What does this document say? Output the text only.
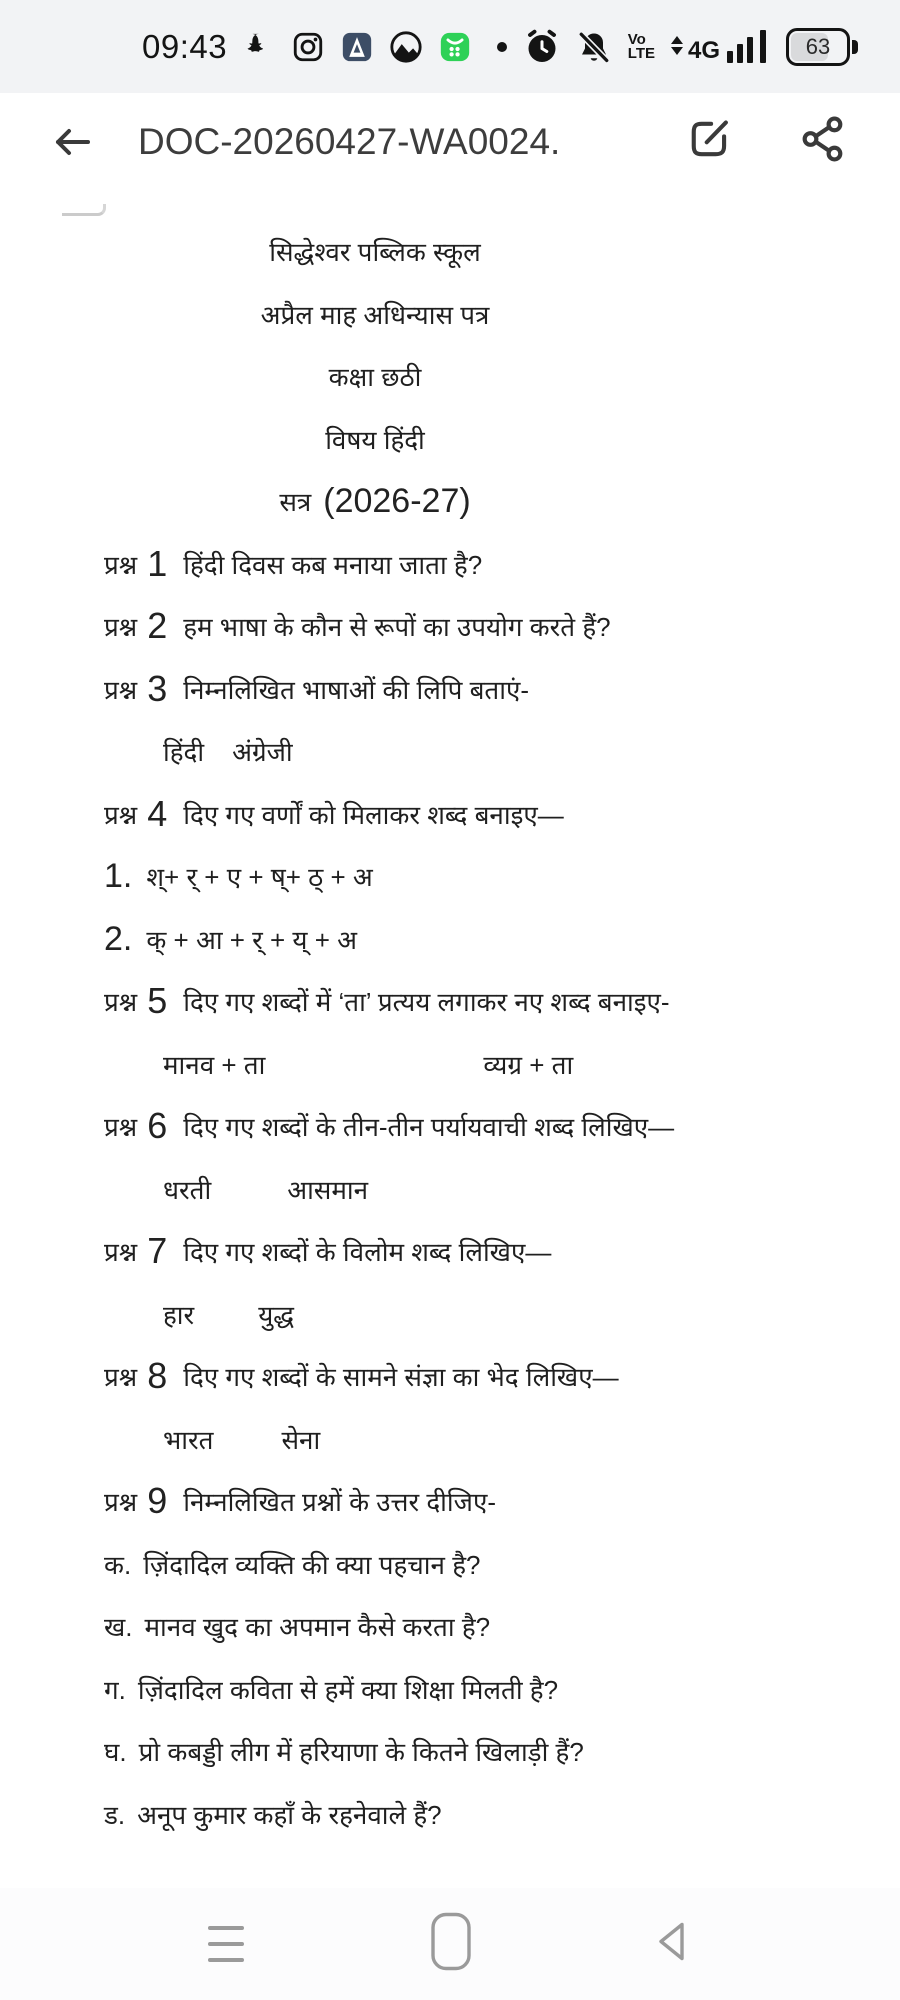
09:43	Vo
LTE 4G	63
DOC-20260427-WA0024.
सिद्धेश्वर पब्लिक स्कूल
अप्रैल माह अधिन्यास पत्र
कक्षा छठी
विषय हिंदी
सत्र (2026-27)
प्रश्न 1 हिंदी दिवस कब मनाया जाता है?
प्रश्न 2 हम भाषा के कौन से रूपों का उपयोग करते हैं?
प्रश्न 3 निम्नलिखित भाषाओं की लिपि बताएं-
हिंदी अंग्रेजी
प्रश्न 4 दिए गए वर्णों को मिलाकर शब्द बनाइए—
1. श्+ र् + ए + ष्+ ठ् + अ
2. क् + आ + र् + य् + अ
प्रश्न 5 दिए गए शब्दों में ‘ता’ प्रत्यय लगाकर नए शब्द बनाइए-
मानव + ता	व्यग्र + ता
प्रश्न 6 दिए गए शब्दों के तीन-तीन पर्यायवाची शब्द लिखिए—
धरती	आसमान
प्रश्न 7 दिए गए शब्दों के विलोम शब्द लिखिए—
हार युद्ध
प्रश्न 8 दिए गए शब्दों के सामने संज्ञा का भेद लिखिए—
भारत	सेना
प्रश्न 9 निम्नलिखित प्रश्नों के उत्तर दीजिए-
क. ज़िंदादिल व्यक्ति की क्या पहचान है?
ख. मानव खुद का अपमान कैसे करता है?
ग. ज़िंदादिल कविता से हमें क्या शिक्षा मिलती है?
घ. प्रो कबड्डी लीग में हरियाणा के कितने खिलाड़ी हैं?
ड. अनूप कुमार कहाँ के रहनेवाले हैं?
